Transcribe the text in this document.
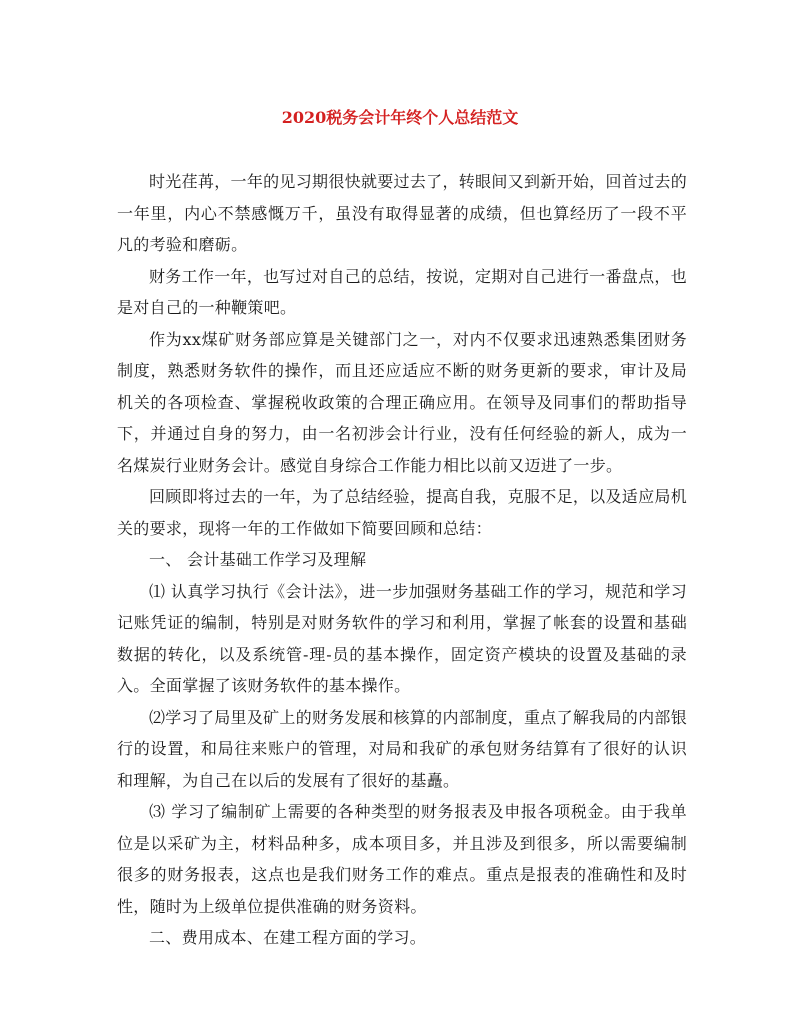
2020税务会计年终个人总结范文

时光荏苒，一年的见习期很快就要过去了，转眼间又到新开始，回首过去的一年里，内心不禁感慨万千，虽没有取得显著的成绩，但也算经历了一段不平凡的考验和磨砺。

财务工作一年，也写过对自己的总结，按说，定期对自己进行一番盘点，也是对自己的一种鞭策吧。

作为xx煤矿财务部应算是关键部门之一，对内不仅要求迅速熟悉集团财务制度，熟悉财务软件的操作，而且还应适应不断的财务更新的要求，审计及局机关的各项检查、掌握税收政策的合理正确应用。在领导及同事们的帮助指导下，并通过自身的努力，由一名初涉会计行业，没有任何经验的新人，成为一名煤炭行业财务会计。感觉自身综合工作能力相比以前又迈进了一步。

回顾即将过去的一年，为了总结经验，提高自我，克服不足，以及适应局机关的要求，现将一年的工作做如下简要回顾和总结：

一、 会计基础工作学习及理解

⑴ 认真学习执行《会计法》，进一步加强财务基础工作的学习，规范和学习记账凭证的编制，特别是对财务软件的学习和利用，掌握了帐套的设置和基础数据的转化，以及系统管-理-员的基本操作，固定资产模块的设置及基础的录入。全面掌握了该财务软件的基本操作。

⑵学习了局里及矿上的财务发展和核算的内部制度，重点了解我局的内部银行的设置，和局往来账户的管理，对局和我矿的承包财务结算有了很好的认识和理解，为自己在以后的发展有了很好的基矗。

⑶ 学习了编制矿上需要的各种类型的财务报表及申报各项税金。由于我单位是以采矿为主，材料品种多，成本项目多，并且涉及到很多，所以需要编制很多的财务报表，这点也是我们财务工作的难点。重点是报表的准确性和及时性，随时为上级单位提供准确的财务资料。

二、费用成本、在建工程方面的学习。
